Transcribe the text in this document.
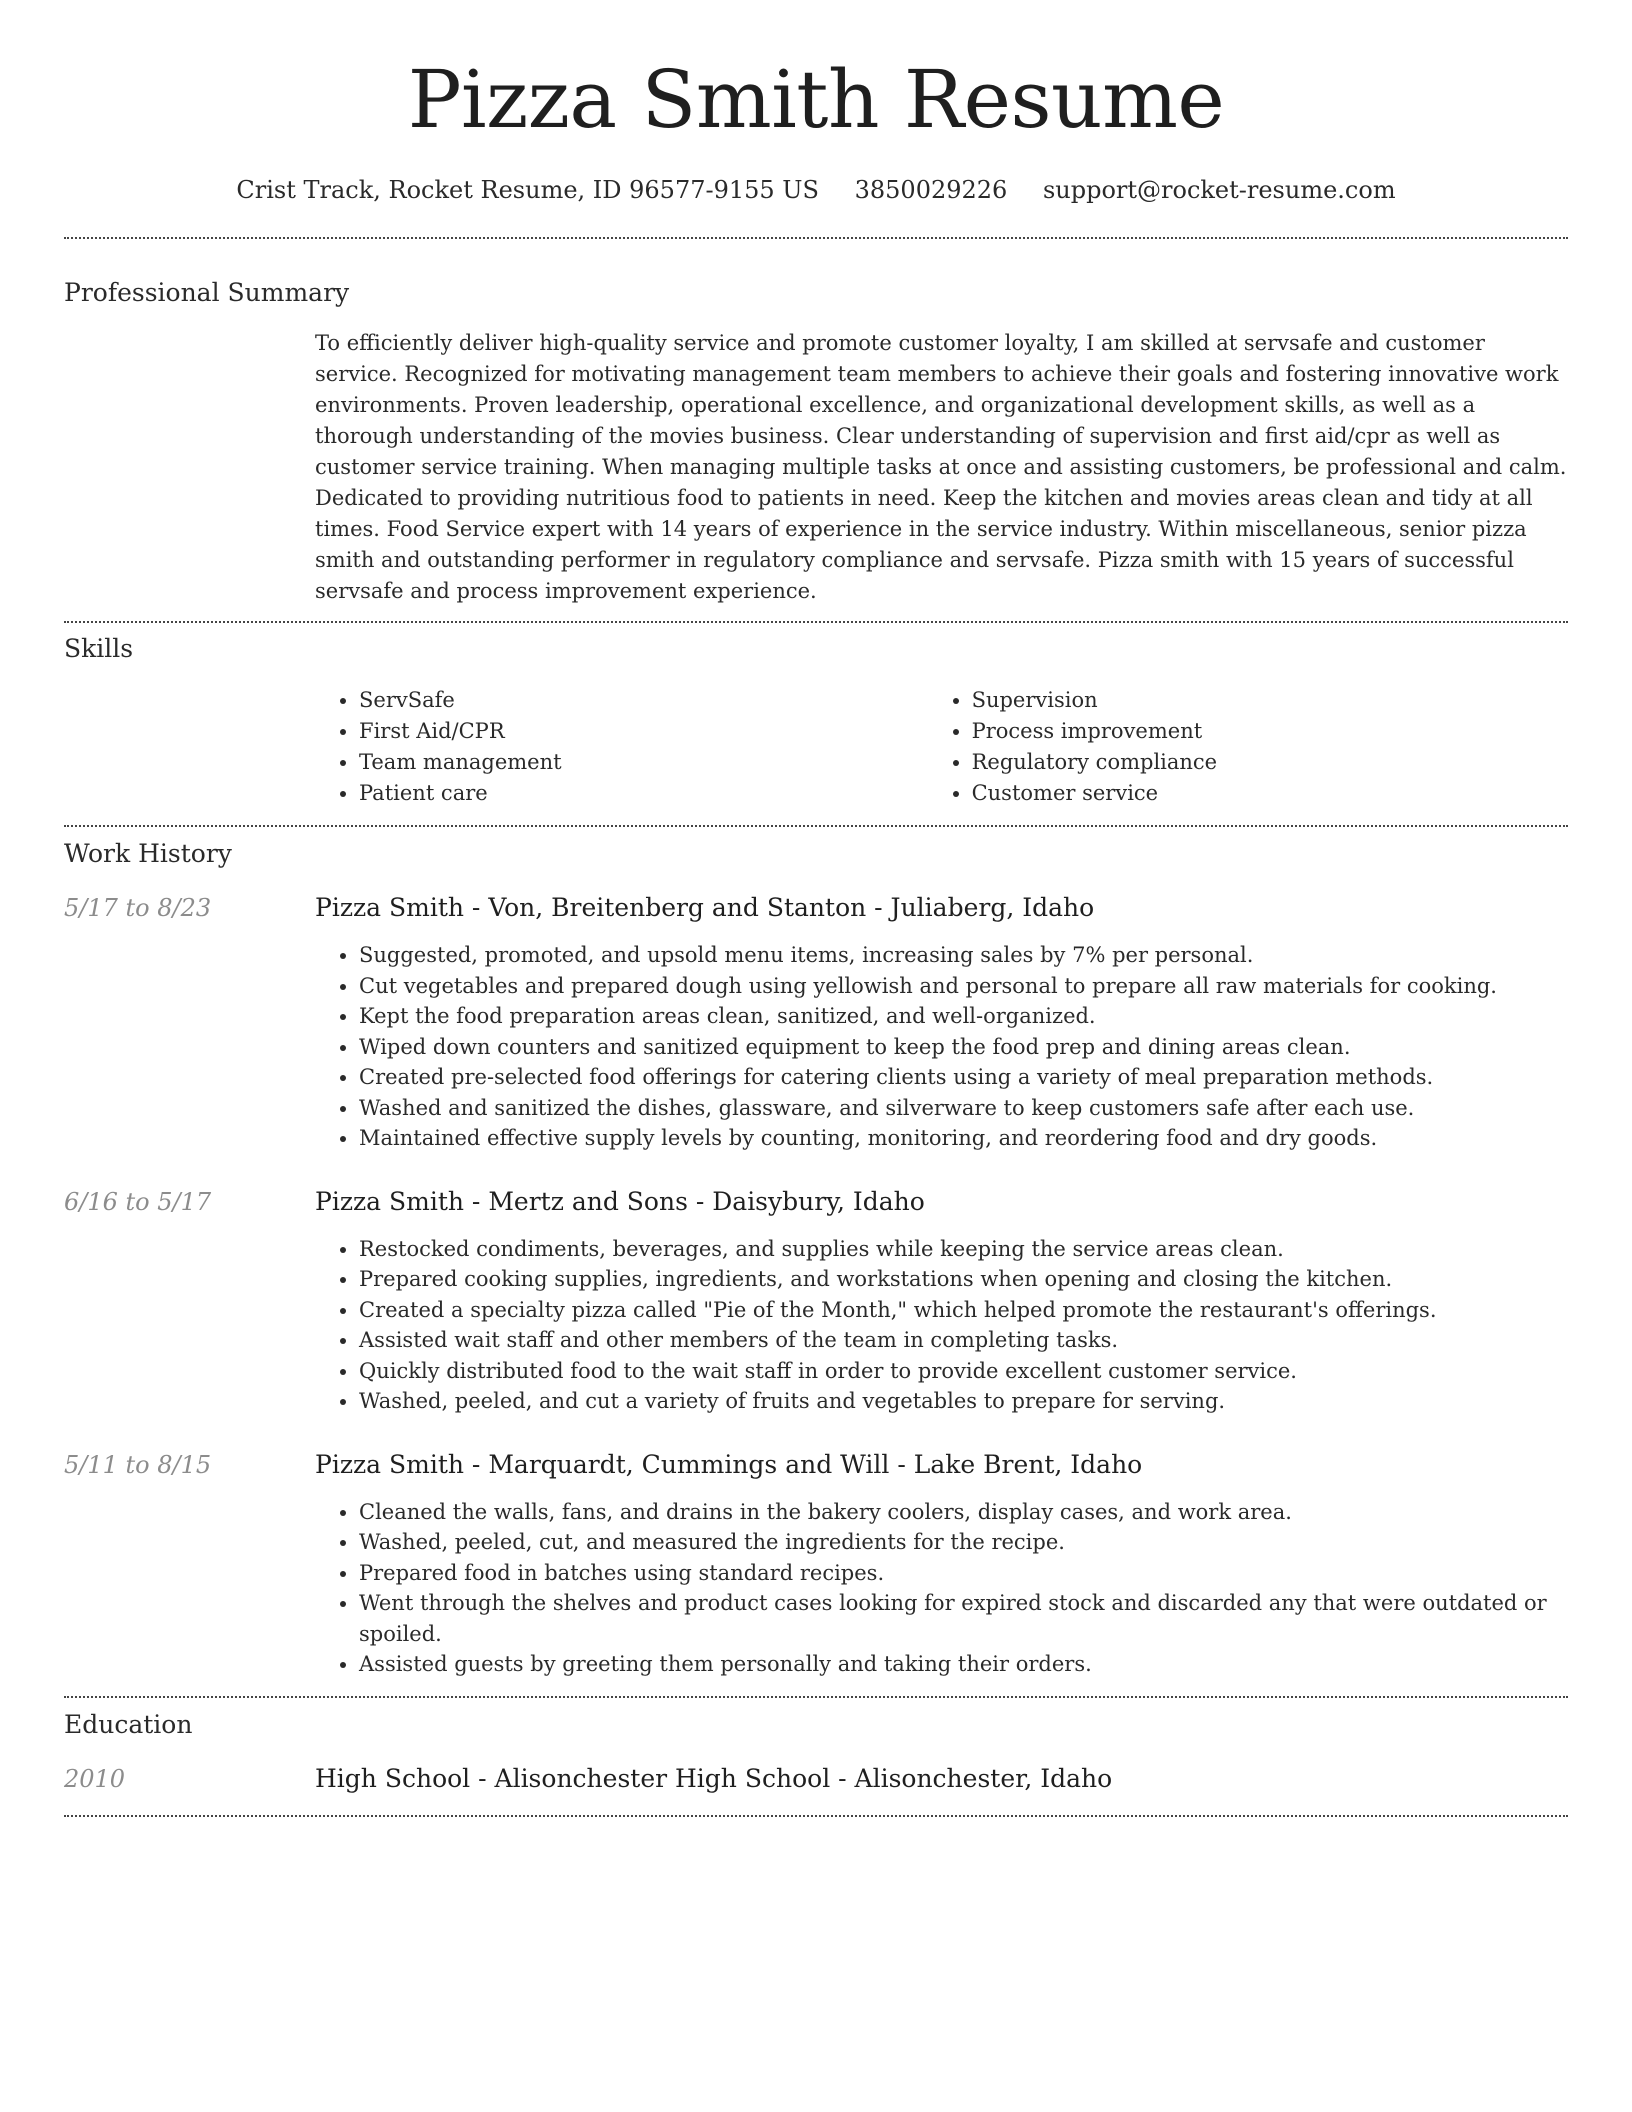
Pizza Smith Resume
Crist Track, Rocket Resume, ID 96577-9155 US 3850029226 support@rocket-resume.com
Professional Summary

To efficiently deliver high-quality service and promote customer loyalty, I am skilled at servsafe and customer service. Recognized for motivating management team members to achieve their goals and fostering innovative work environments. Proven leadership, operational excellence, and organizational development skills, as well as a thorough understanding of the movies business. Clear understanding of supervision and first aid/cpr as well as customer service training. When managing multiple tasks at once and assisting customers, be professional and calm. Dedicated to providing nutritious food to patients in need. Keep the kitchen and movies areas clean and tidy at all times. Food Service expert with 14 years of experience in the service industry. Within miscellaneous, senior pizza smith and outstanding performer in regulatory compliance and servsafe. Pizza smith with 15 years of successful servsafe and process improvement experience.

Skills
• ServSafe
• First Aid/CPR
• Team management
• Patient care
• Supervision
• Process improvement
• Regulatory compliance
• Customer service
Work History
5/17 to 8/23	Pizza Smith - Von, Breitenberg and Stanton - Juliaberg, Idaho
• Suggested, promoted, and upsold menu items, increasing sales by 7% per personal.
• Cut vegetables and prepared dough using yellowish and personal to prepare all raw materials for cooking.
• Kept the food preparation areas clean, sanitized, and well-organized.
• Wiped down counters and sanitized equipment to keep the food prep and dining areas clean.
• Created pre-selected food offerings for catering clients using a variety of meal preparation methods.
• Washed and sanitized the dishes, glassware, and silverware to keep customers safe after each use.
• Maintained effective supply levels by counting, monitoring, and reordering food and dry goods.
6/16 to 5/17	Pizza Smith - Mertz and Sons - Daisybury, Idaho
• Restocked condiments, beverages, and supplies while keeping the service areas clean.
• Prepared cooking supplies, ingredients, and workstations when opening and closing the kitchen.
• Created a specialty pizza called "Pie of the Month," which helped promote the restaurant's offerings.
• Assisted wait staff and other members of the team in completing tasks.
• Quickly distributed food to the wait staff in order to provide excellent customer service.
• Washed, peeled, and cut a variety of fruits and vegetables to prepare for serving.
5/11 to 8/15	Pizza Smith - Marquardt, Cummings and Will - Lake Brent, Idaho
• Cleaned the walls, fans, and drains in the bakery coolers, display cases, and work area.
• Washed, peeled, cut, and measured the ingredients for the recipe.
• Prepared food in batches using standard recipes.
• Went through the shelves and product cases looking for expired stock and discarded any that were outdated or spoiled.
• Assisted guests by greeting them personally and taking their orders.
Education
2010	High School - Alisonchester High School - Alisonchester, Idaho
